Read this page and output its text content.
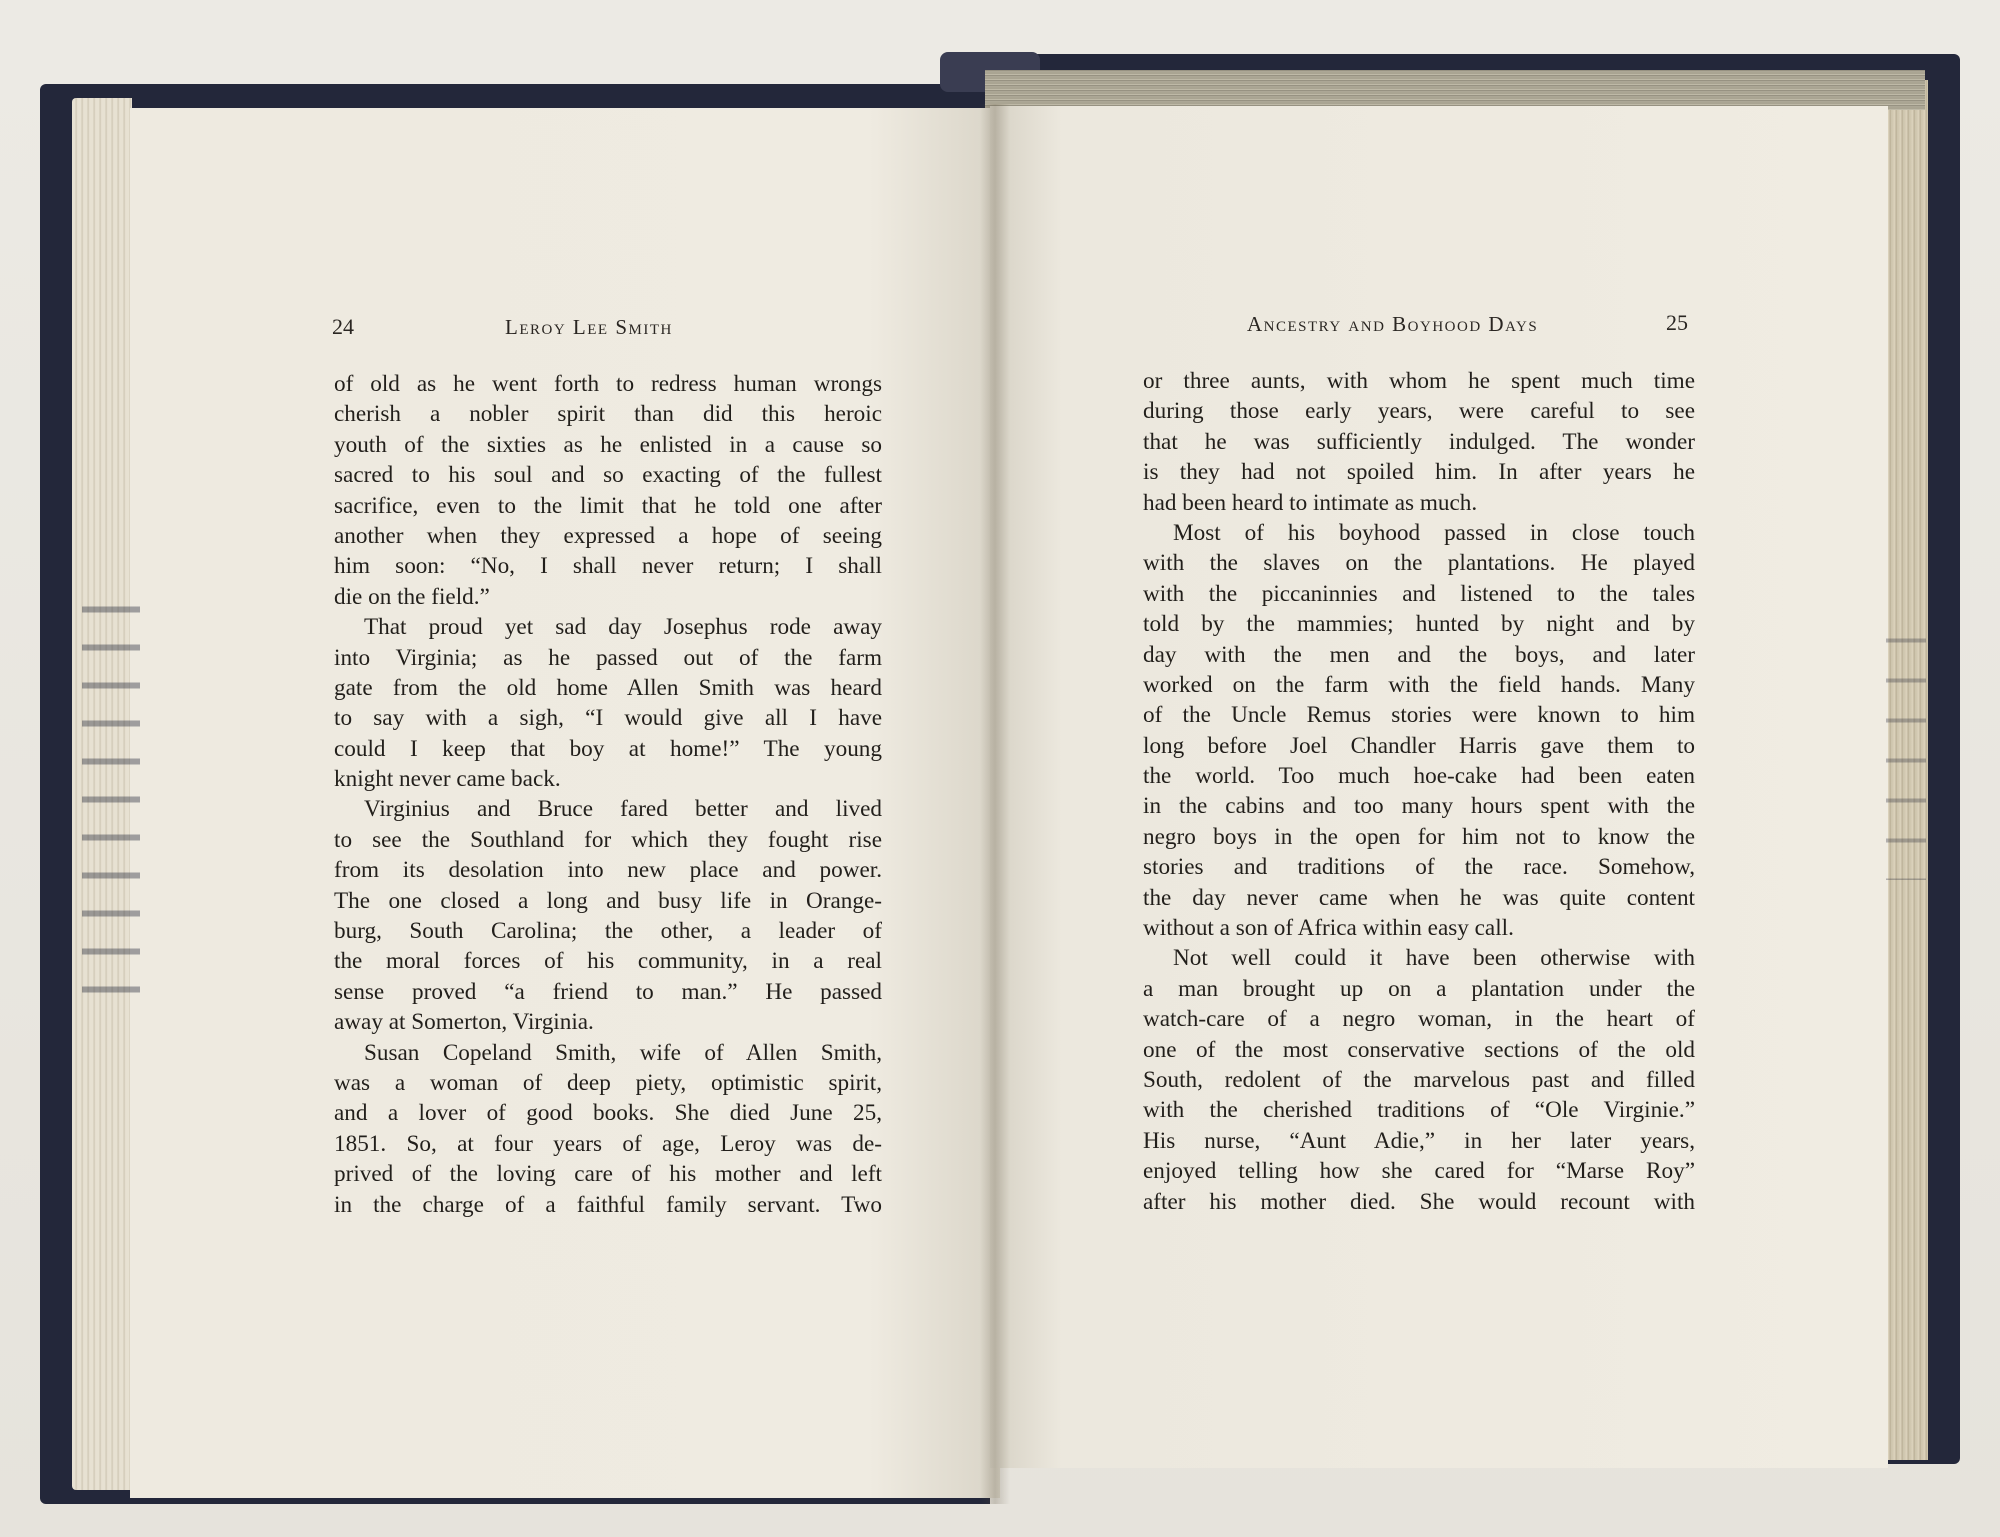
24	Leroy Lee Smith	Ancestry and Boyhood Days	25
of old as he went forth to redress human wrongs
cherish a nobler spirit than did this heroic
youth of the sixties as he enlisted in a cause so
sacred to his soul and so exacting of the fullest
sacrifice, even to the limit that he told one after
another when they expressed a hope of seeing
him soon: “No, I shall never return; I shall
die on the field.”
That proud yet sad day Josephus rode away
into Virginia; as he passed out of the farm
gate from the old home Allen Smith was heard
to say with a sigh, “I would give all I have
could I keep that boy at home!” The young
knight never came back.
Virginius and Bruce fared better and lived
to see the Southland for which they fought rise
from its desolation into new place and power.
The one closed a long and busy life in Orange-
burg, South Carolina; the other, a leader of
the moral forces of his community, in a real
sense proved “a friend to man.” He passed
away at Somerton, Virginia.
Susan Copeland Smith, wife of Allen Smith,
was a woman of deep piety, optimistic spirit,
and a lover of good books. She died June 25,
1851. So, at four years of age, Leroy was de-
prived of the loving care of his mother and left
in the charge of a faithful family servant. Two
or three aunts, with whom he spent much time
during those early years, were careful to see
that he was sufficiently indulged. The wonder
is they had not spoiled him. In after years he
had been heard to intimate as much.
Most of his boyhood passed in close touch
with the slaves on the plantations. He played
with the piccaninnies and listened to the tales
told by the mammies; hunted by night and by
day with the men and the boys, and later
worked on the farm with the field hands. Many
of the Uncle Remus stories were known to him
long before Joel Chandler Harris gave them to
the world. Too much hoe-cake had been eaten
in the cabins and too many hours spent with the
negro boys in the open for him not to know the
stories and traditions of the race. Somehow,
the day never came when he was quite content
without a son of Africa within easy call.
Not well could it have been otherwise with
a man brought up on a plantation under the
watch-care of a negro woman, in the heart of
one of the most conservative sections of the old
South, redolent of the marvelous past and filled
with the cherished traditions of “Ole Virginie.”
His nurse, “Aunt Adie,” in her later years,
enjoyed telling how she cared for “Marse Roy”
after his mother died. She would recount with
